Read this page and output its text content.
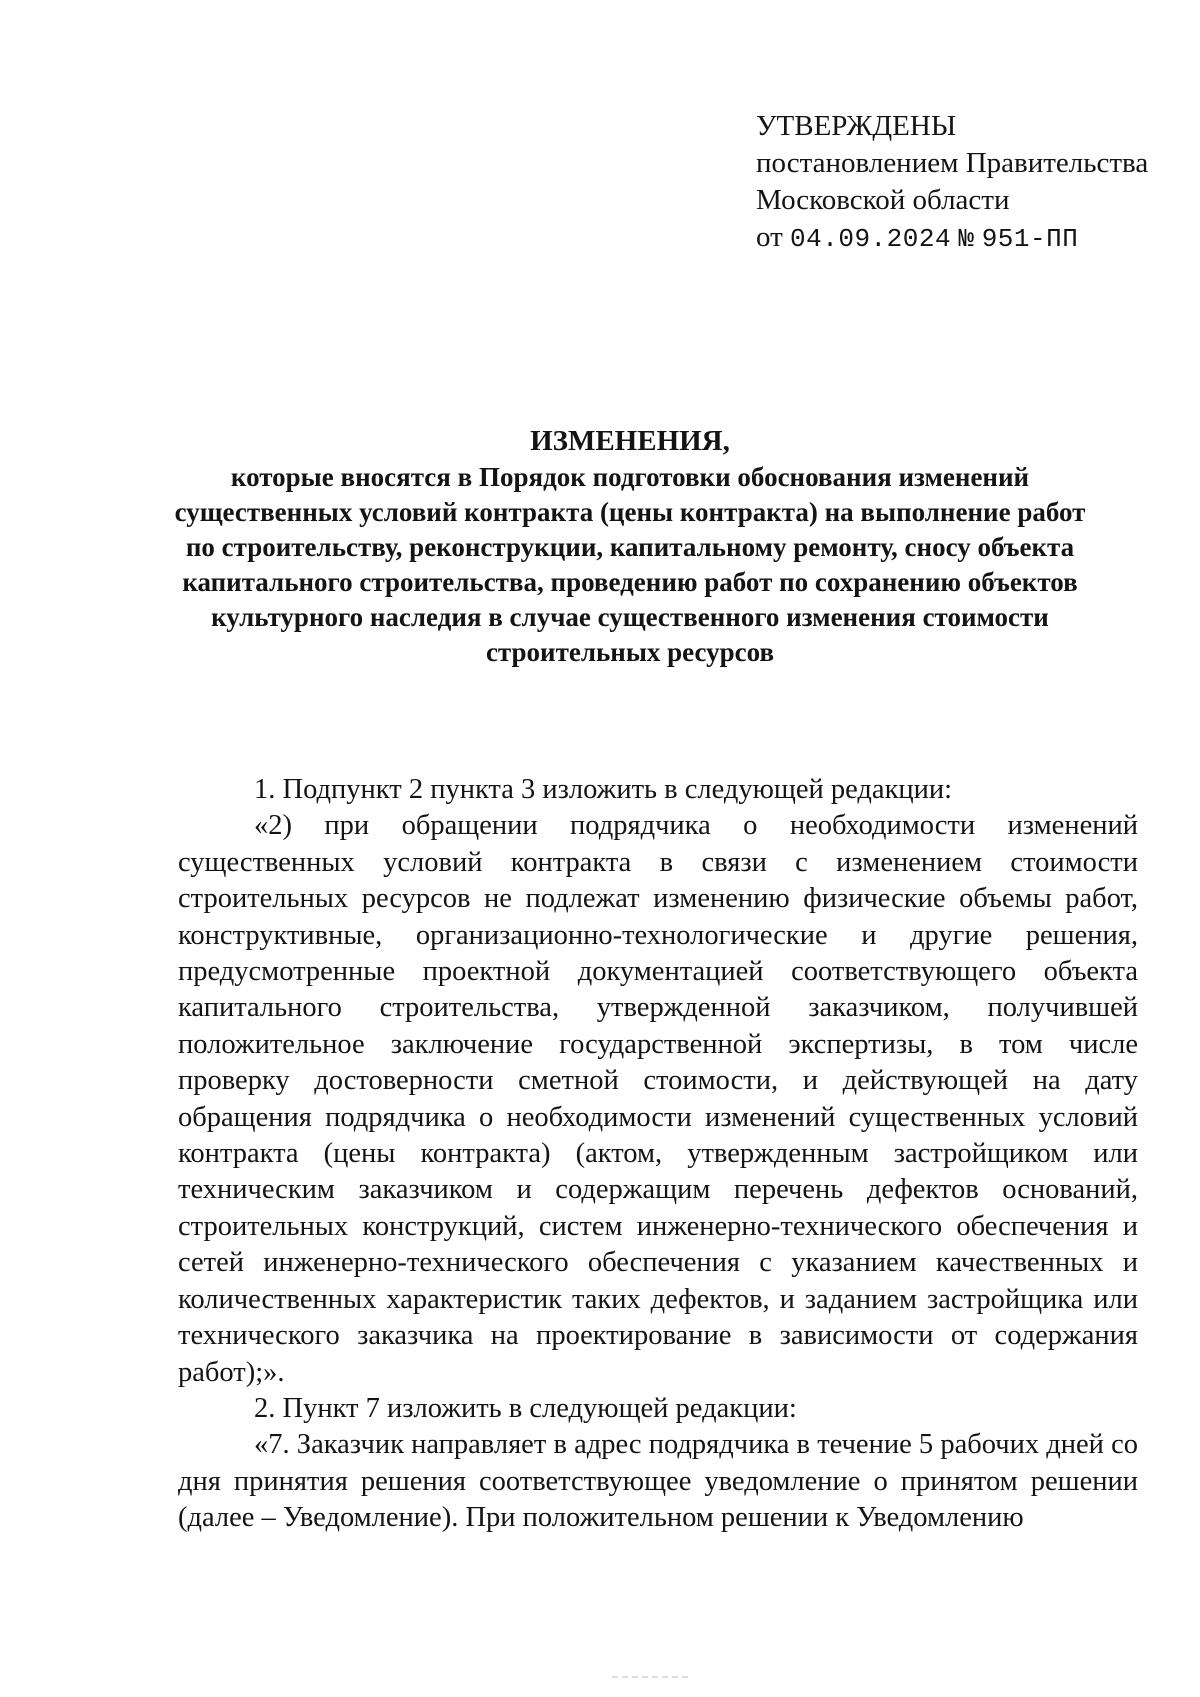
УТВЕРЖДЕНЫ
постановлением Правительства
Московской области
от 04.09.2024 № 951-ПП
ИЗМЕНЕНИЯ,
которые вносятся в Порядок подготовки обоснования изменений
существенных условий контракта (цены контракта) на выполнение работ
по строительству, реконструкции, капитальному ремонту, сносу объекта
капитального строительства, проведению работ по сохранению объектов
культурного наследия в случае существенного изменения стоимости
строительных ресурсов

1. Подпункт 2 пункта 3 изложить в следующей редакции:

«2) при обращении подрядчика о необходимости изменений существенных условий контракта в связи с изменением стоимости строительных ресурсов не подлежат изменению физические объемы работ, конструктивные, организационно-технологические и другие решения, предусмотренные проектной документацией соответствующего объекта капитального строительства, утвержденной заказчиком, получившей положительное заключение государственной экспертизы, в том числе проверку достоверности сметной стоимости, и действующей на дату обращения подрядчика о необходимости изменений существенных условий контракта (цены контракта) (актом, утвержденным застройщиком или техническим заказчиком и содержащим перечень дефектов оснований, строительных конструкций, систем инженерно-технического обеспечения и сетей инженерно-технического обеспечения с указанием качественных и количественных характеристик таких дефектов, и заданием застройщика или технического заказчика на проектирование в зависимости от содержания работ);».

2. Пункт 7 изложить в следующей редакции:

«7. Заказчик направляет в адрес подрядчика в течение 5 рабочих дней со дня принятия решения соответствующее уведомление о принятом решении (далее – Уведомление). При положительном решении к Уведомлению
